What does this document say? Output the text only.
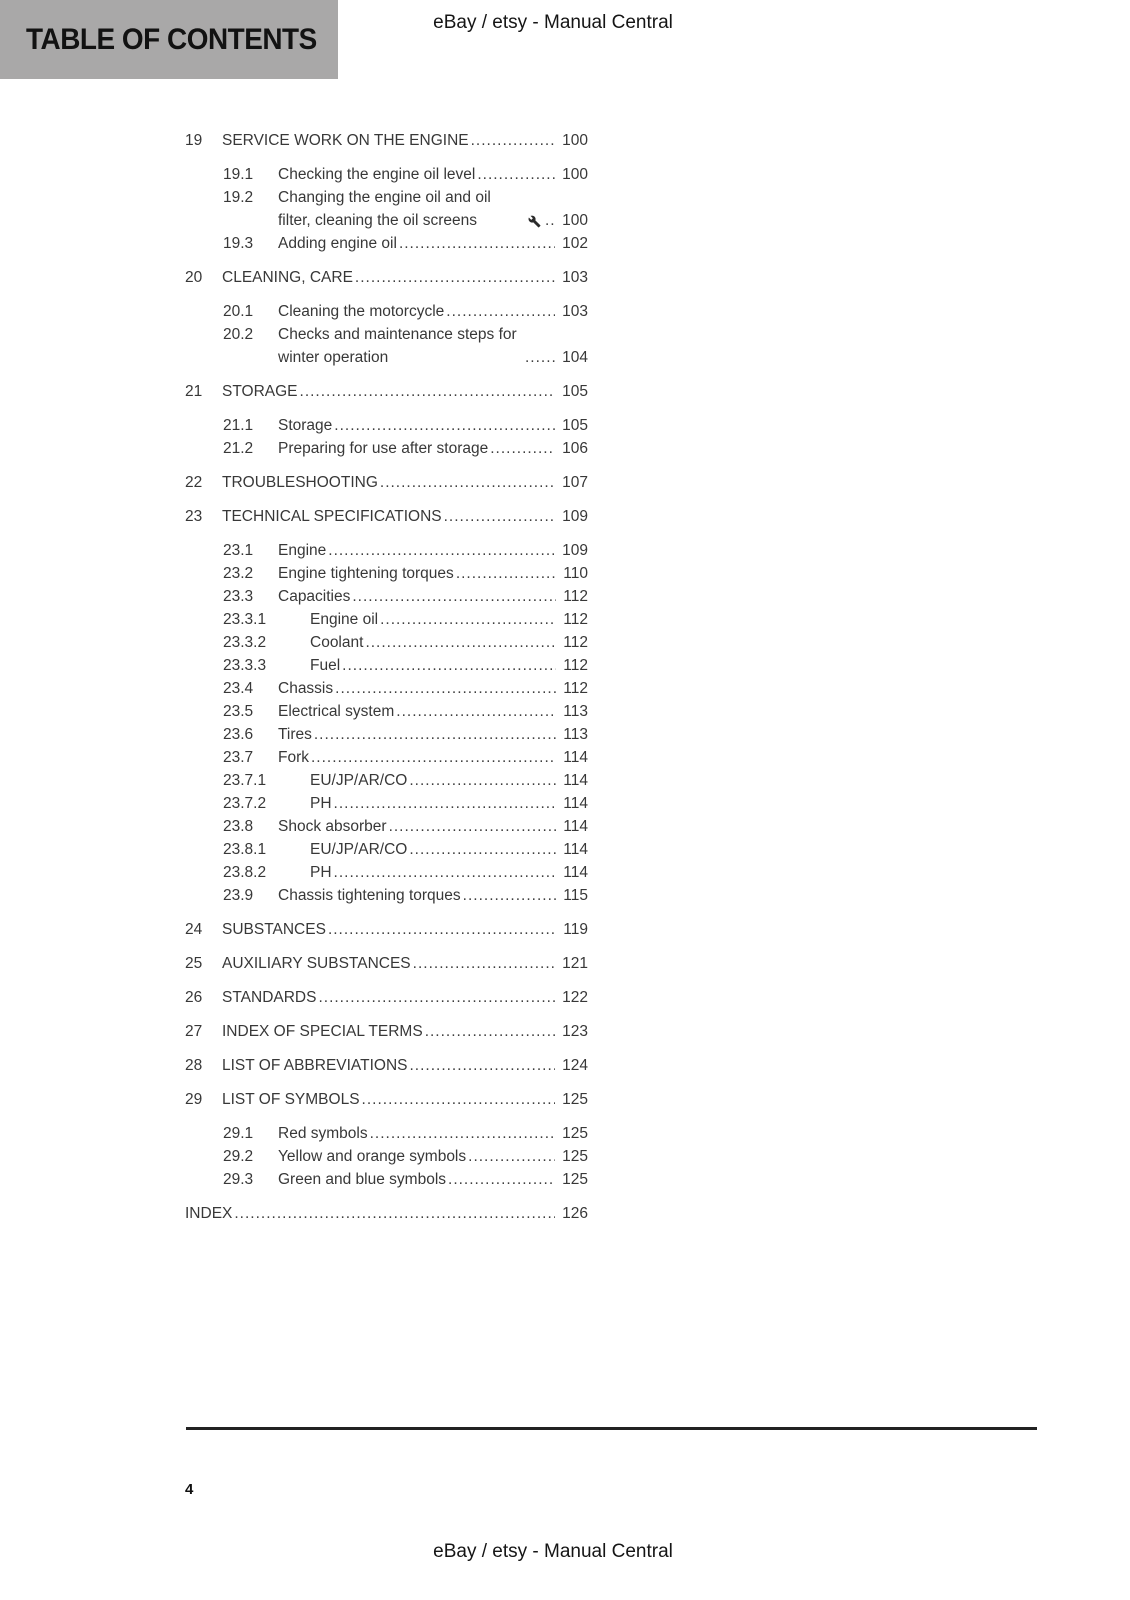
TABLE OF CONTENTS	eBay / etsy - Manual Central
19	SERVICE WORK ON THE ENGINE .....	100
19.1	Checking the engine oil level .....	100
19.2	Changing the engine oil and oil filter, cleaning the oil screens .....	100
19.3	Adding engine oil .....	102
20	CLEANING, CARE .....	103
20.1	Cleaning the motorcycle .....	103
20.2	Checks and maintenance steps for winter operation .....	104
21	STORAGE .....	105
21.1	Storage .....	105
21.2	Preparing for use after storage .....	106
22	TROUBLESHOOTING .....	107
23	TECHNICAL SPECIFICATIONS .....	109
23.1	Engine .....	109
23.2	Engine tightening torques .....	110
23.3	Capacities .....	112
23.3.1	Engine oil .....	112
23.3.2	Coolant .....	112
23.3.3	Fuel .....	112
23.4	Chassis .....	112
23.5	Electrical system .....	113
23.6	Tires .....	113
23.7	Fork .....	114
23.7.1	EU/JP/AR/CO .....	114
23.7.2	PH .....	114
23.8	Shock absorber .....	114
23.8.1	EU/JP/AR/CO .....	114
23.8.2	PH .....	114
23.9	Chassis tightening torques .....	115
24	SUBSTANCES .....	119
25	AUXILIARY SUBSTANCES .....	121
26	STANDARDS .....	122
27	INDEX OF SPECIAL TERMS .....	123
28	LIST OF ABBREVIATIONS .....	124
29	LIST OF SYMBOLS .....	125
29.1	Red symbols .....	125
29.2	Yellow and orange symbols .....	125
29.3	Green and blue symbols .....	125
INDEX .....	126
4
eBay / etsy - Manual Central
